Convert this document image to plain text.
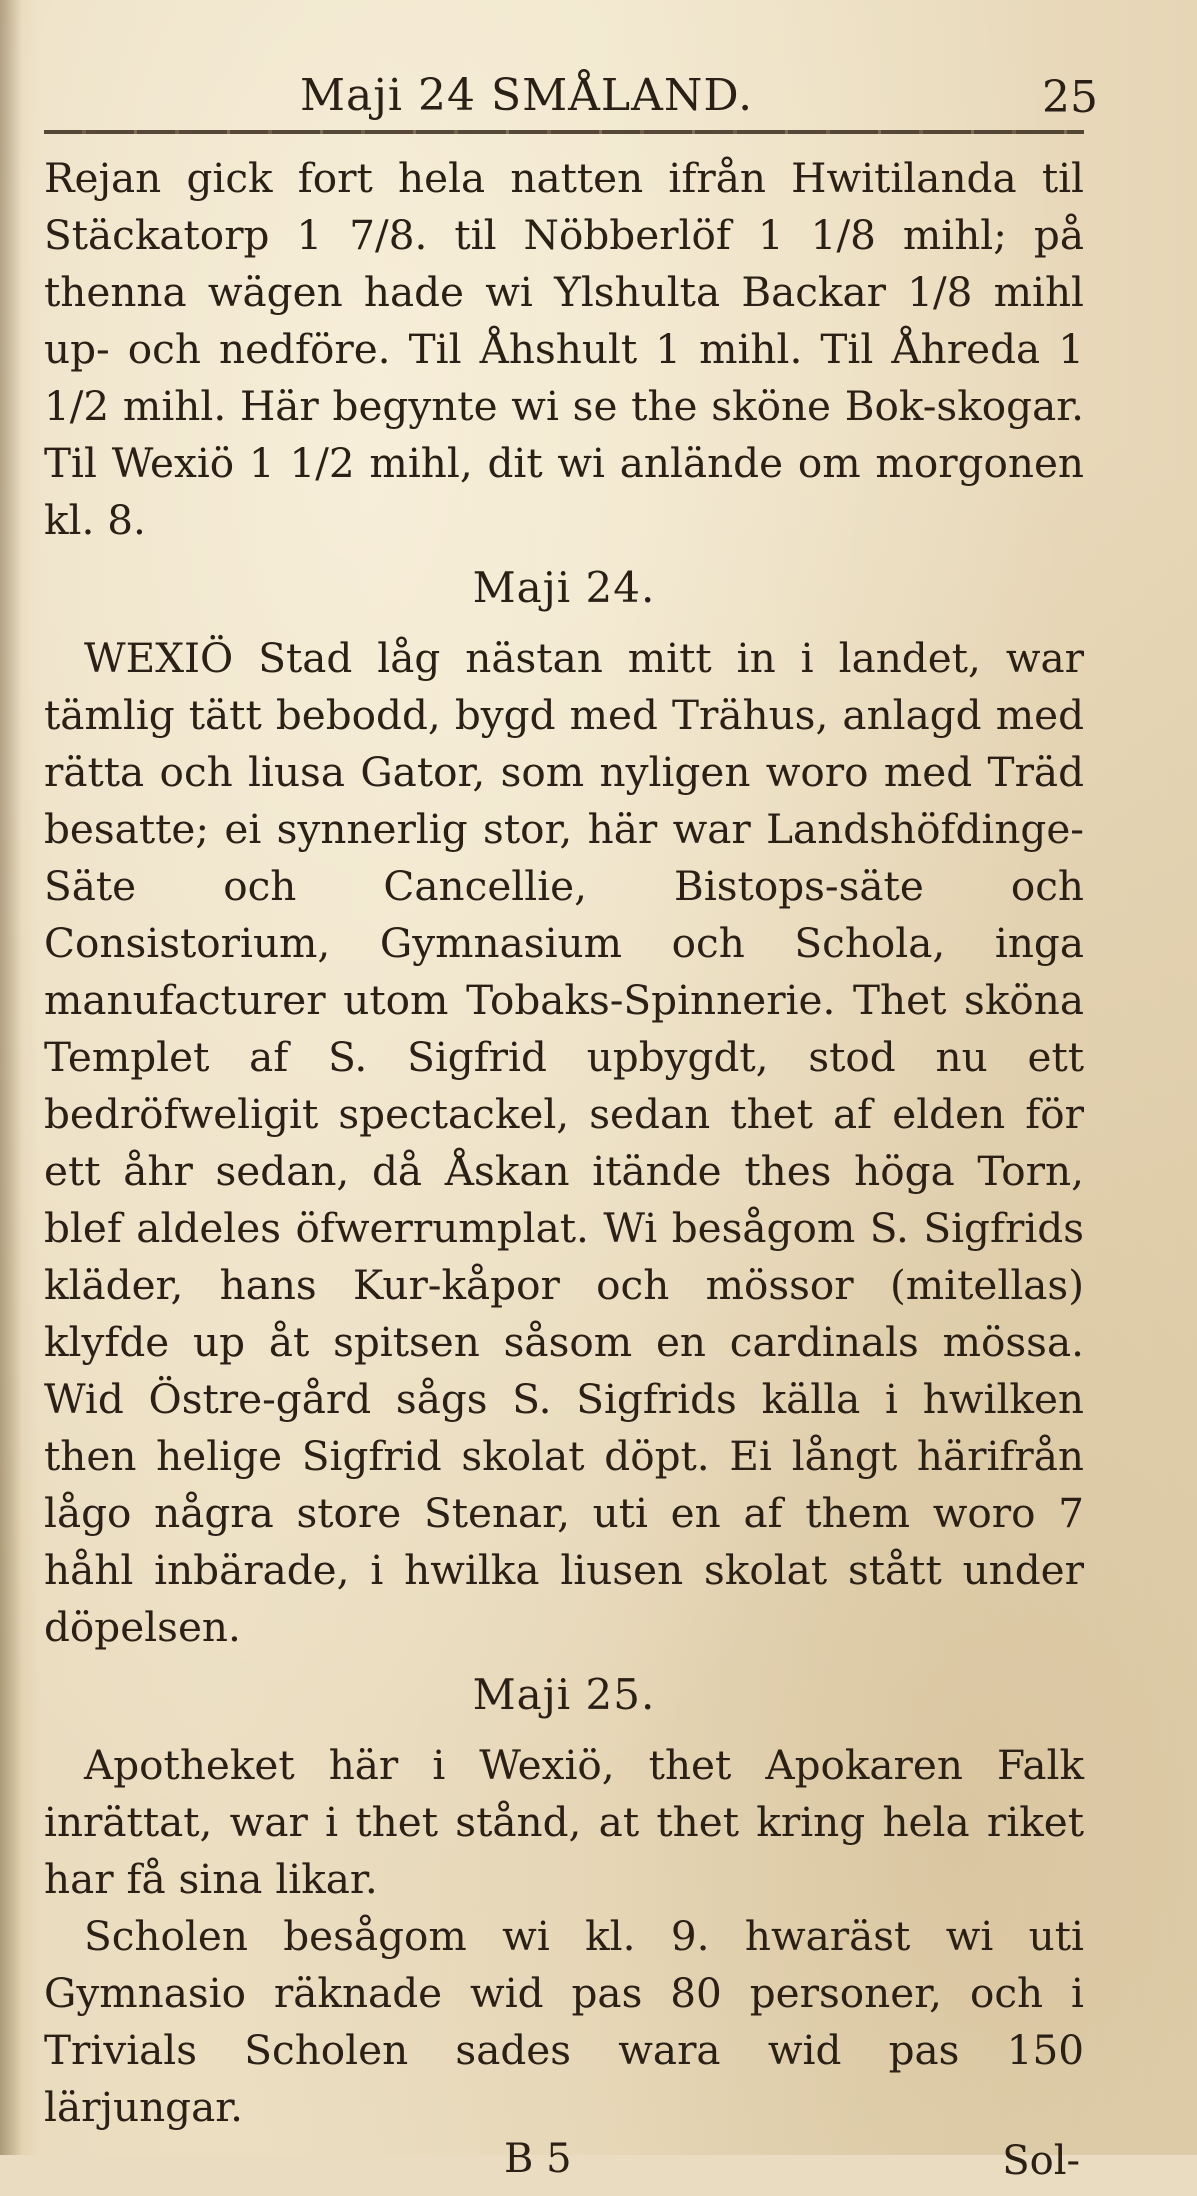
Maji 24 SMÅLAND.	25

Rejan gick fort hela natten ifrån Hwitilanda til Stäckatorp 1 7/8. til Nöbberlöf 1 1/8 mihl; på thenna wägen hade wi Ylshulta Backar 1/8 mihl up- och nedföre. Til Åhshult 1 mihl. Til Åhreda 1 1/2 mihl. Här begynte wi se the sköne Bok-skogar. Til Wexiö 1 1/2 mihl, dit wi anlände om morgonen kl. 8.

Maji 24.

WEXIÖ Stad låg nästan mitt in i landet, war tämlig tätt bebodd, bygd med Trähus, anlagd med rätta och liusa Gator, som nyligen woro med Träd besatte; ei synnerlig stor, här war Landshöfdinge-Säte och Cancellie, Bistops-säte och Consistorium, Gymnasium och Schola, inga manufacturer utom Tobaks-Spinnerie. Thet sköna Templet af S. Sigfrid upbygdt, stod nu ett bedröfweligit spectackel, sedan thet af elden för ett åhr sedan, då Åskan itände thes höga Torn, blef aldeles öfwerrumplat. Wi besågom S. Sigfrids kläder, hans Kur-kåpor och mössor (mitellas) klyfde up åt spitsen såsom en cardinals mössa. Wid Östre-gård sågs S. Sigfrids källa i hwilken then helige Sigfrid skolat döpt. Ei långt härifrån lågo några store Stenar, uti en af them woro 7 håhl inbärade, i hwilka liusen skolat stått under döpelsen.

Maji 25.

Apotheket här i Wexiö, thet Apokaren Falk inrättat, war i thet stånd, at thet kring hela riket har få sina likar.

Scholen besågom wi kl. 9. hwaräst wi uti Gymnasio räknade wid pas 80 personer, och i Trivials Scholen sades wara wid pas 150 lärjungar.

B 5	Sol-
